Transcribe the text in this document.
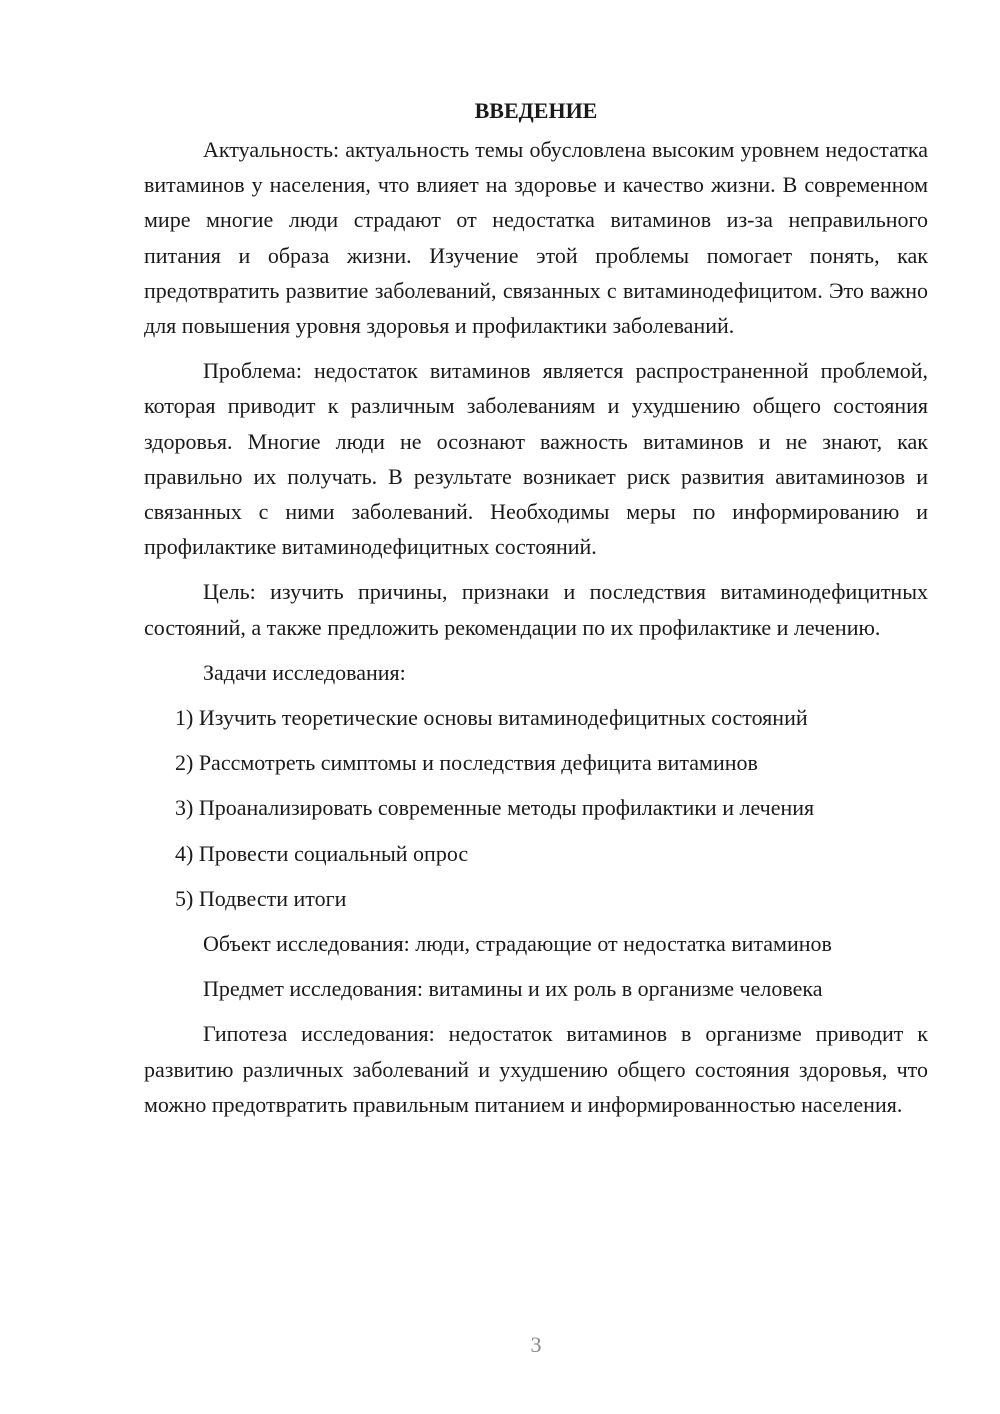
ВВЕДЕНИЕ

Актуальность: актуальность темы обусловлена высоким уровнем недостатка витаминов у населения, что влияет на здоровье и качество жизни. В современном мире многие люди страдают от недостатка витаминов из-за неправильного питания и образа жизни. Изучение этой проблемы помогает понять, как предотвратить развитие заболеваний, связанных с витаминодефицитом. Это важно для повышения уровня здоровья и профилактики заболеваний.

Проблема: недостаток витаминов является распространенной проблемой, которая приводит к различным заболеваниям и ухудшению общего состояния здоровья. Многие люди не осознают важность витаминов и не знают, как правильно их получать. В результате возникает риск развития авитаминозов и связанных с ними заболеваний. Необходимы меры по информированию и профилактике витаминодефицитных состояний.

Цель: изучить причины, признаки и последствия витаминодефицитных состояний, а также предложить рекомендации по их профилактике и лечению.

Задачи исследования:

1) Изучить теоретические основы витаминодефицитных состояний
2) Рассмотреть симптомы и последствия дефицита витаминов
3) Проанализировать современные методы профилактики и лечения
4) Провести социальный опрос
5) Подвести итоги

Объект исследования: люди, страдающие от недостатка витаминов

Предмет исследования: витамины и их роль в организме человека

Гипотеза исследования: недостаток витаминов в организме приводит к развитию различных заболеваний и ухудшению общего состояния здоровья, что можно предотвратить правильным питанием и информированностью населения.

3
